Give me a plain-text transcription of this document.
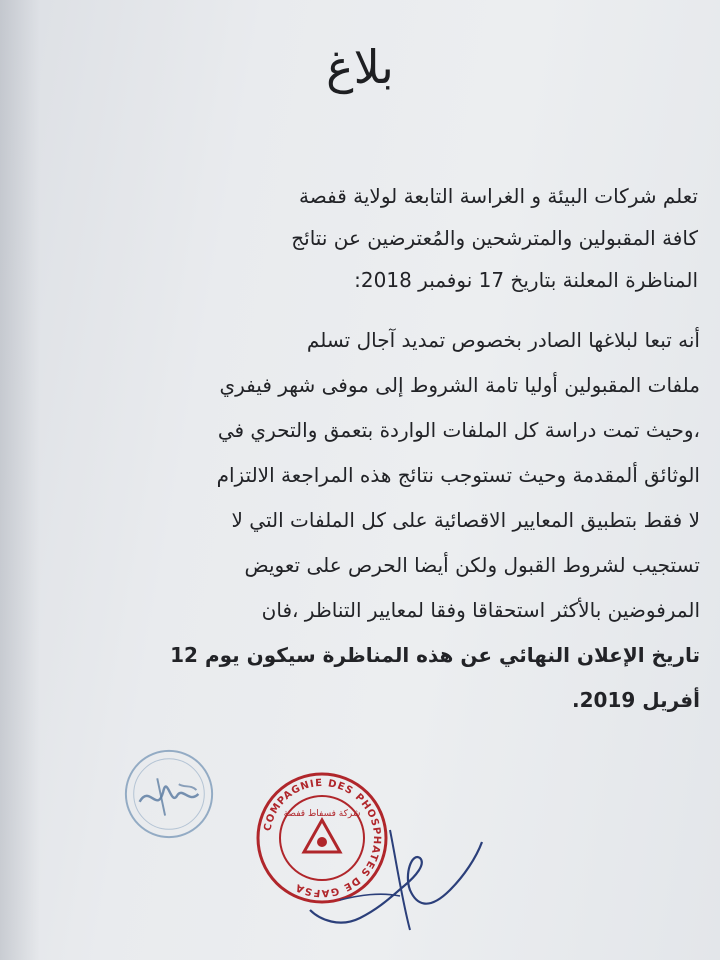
بلاغ
تعلم شركات البيئة و الغراسة التابعة لولاية قفصة
كافة المقبولين والمترشحين والمُعترضين عن نتائج
المناظرة المعلنة بتاريخ 17 نوفمبر 2018:
أنه تبعا لبلاغها الصادر بخصوص تمديد آجال تسلم
ملفات المقبولين أوليا تامة الشروط إلى موفى شهر فيفري
،وحيث تمت دراسة كل الملفات الواردة بتعمق والتحري في
الوثائق ألمقدمة وحيث تستوجب نتائج هذه المراجعة الالتزام
لا فقط بتطبيق المعايير الاقصائية على كل الملفات التي لا
تستجيب لشروط القبول ولكن أيضا الحرص على تعويض
المرفوضين بالأكثر استحقاقا وفقا لمعايير التناظر ،فان
تاريخ الإعلان النهائي عن هذه المناظرة سيكون يوم 12
أفريل 2019.
COMPAGNIE DES PHOSPHATES DE GAFSA
شركة فسفاط قفصة
